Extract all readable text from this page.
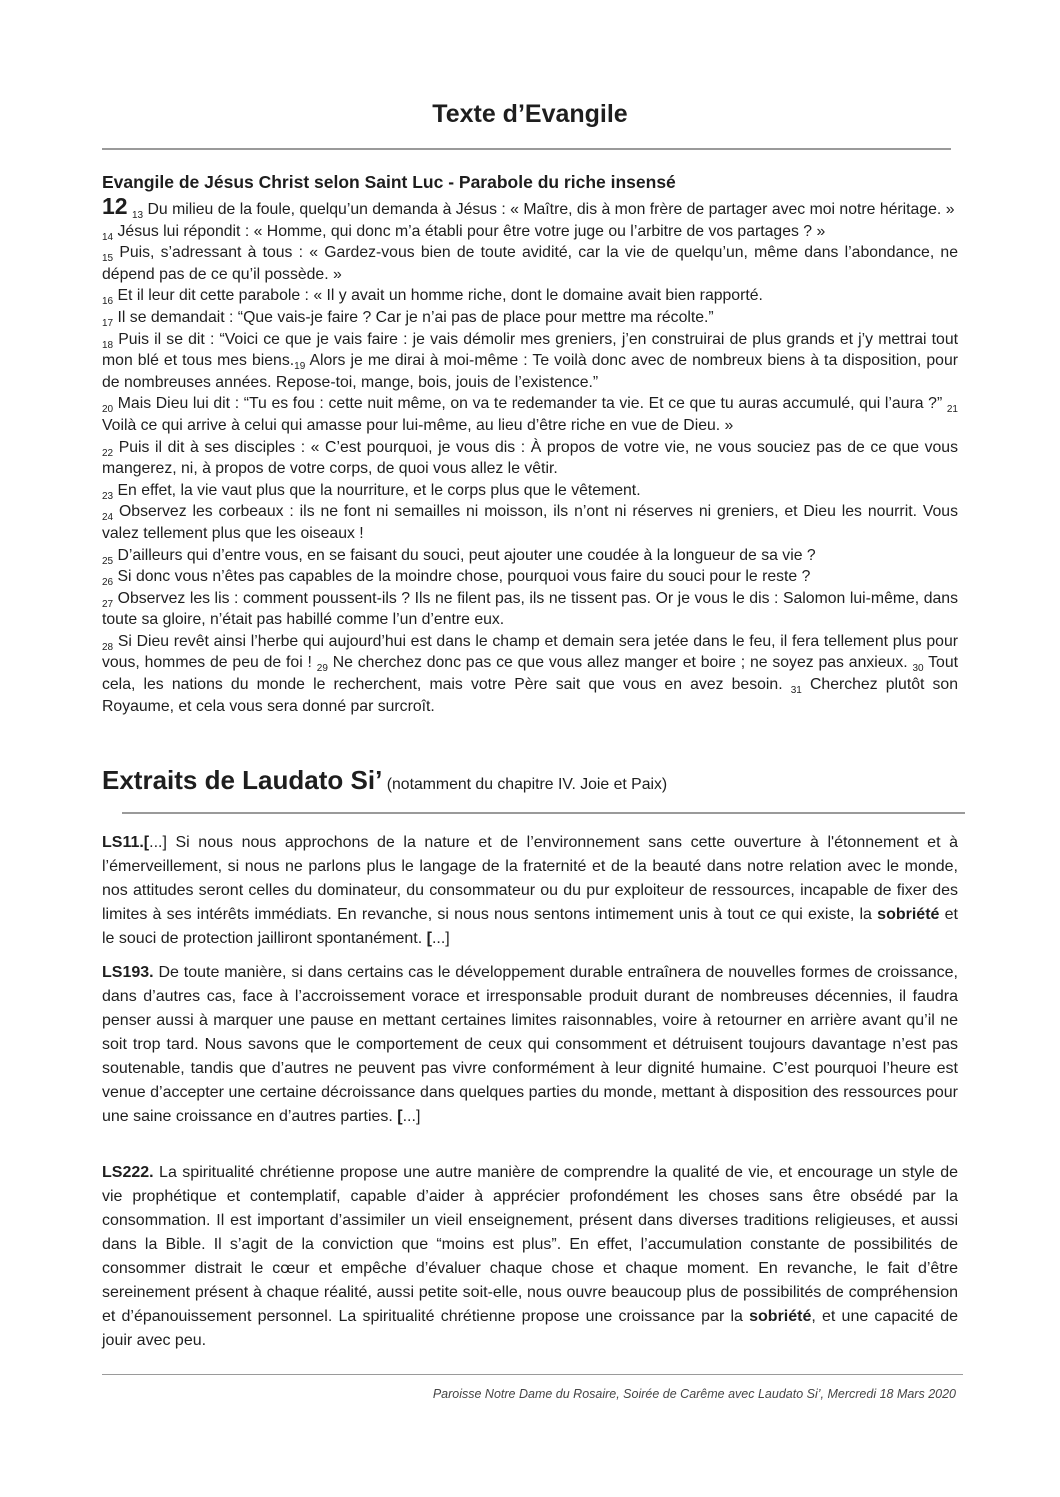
Texte d’Evangile
Evangile de Jésus Christ selon Saint Luc - Parabole du riche insensé

12 $_{13}$ Du milieu de la foule, quelqu’un demanda à Jésus : « Maître, dis à mon frère de partager avec moi notre héritage. »

$_{14}$ Jésus lui répondit : « Homme, qui donc m’a établi pour être votre juge ou l’arbitre de vos partages ? »

$_{15}$ Puis, s’adressant à tous : « Gardez-vous bien de toute avidité, car la vie de quelqu’un, même dans l’abondance, ne dépend pas de ce qu’il possède. »

$_{16}$ Et il leur dit cette parabole : « Il y avait un homme riche, dont le domaine avait bien rapporté.

$_{17}$ Il se demandait : “Que vais-je faire ? Car je n’ai pas de place pour mettre ma récolte.”

$_{18}$ Puis il se dit : “Voici ce que je vais faire : je vais démolir mes greniers, j’en construirai de plus grands et j’y mettrai tout mon blé et tous mes $biens._{19}$ Alors je me dirai à moi-même : Te voilà donc avec de nombreux biens à ta disposition, pour de nombreuses années. Repose-toi, mange, bois, jouis de l’existence.”

$_{20}$ Mais Dieu lui dit : “Tu es fou : cette nuit même, on va te redemander ta vie. Et ce que tu auras accumulé, qui l’aura ?” $_{21}$ Voilà ce qui arrive à celui qui amasse pour lui-même, au lieu d’être riche en vue de Dieu. »

$_{22}$ Puis il dit à ses disciples : « C’est pourquoi, je vous dis : À propos de votre vie, ne vous souciez pas de ce que vous mangerez, ni, à propos de votre corps, de quoi vous allez le vêtir.

$_{23}$ En effet, la vie vaut plus que la nourriture, et le corps plus que le vêtement.

$_{24}$ Observez les corbeaux : ils ne font ni semailles ni moisson, ils n’ont ni réserves ni greniers, et Dieu les nourrit. Vous valez tellement plus que les oiseaux !

$_{25}$ D’ailleurs qui d’entre vous, en se faisant du souci, peut ajouter une coudée à la longueur de sa vie ?

$_{26}$ Si donc vous n’êtes pas capables de la moindre chose, pourquoi vous faire du souci pour le reste ?

$_{27}$ Observez les lis : comment poussent-ils ? Ils ne filent pas, ils ne tissent pas. Or je vous le dis : Salomon lui-même, dans toute sa gloire, n’était pas habillé comme l’un d’entre eux.

$_{28}$ Si Dieu revêt ainsi l’herbe qui aujourd’hui est dans le champ et demain sera jetée dans le feu, il fera tellement plus pour vous, hommes de peu de foi ! $_{29}$ Ne cherchez donc pas ce que vous allez manger et boire ; ne soyez pas anxieux. $_{30}$ Tout cela, les nations du monde le recherchent, mais votre Père sait que vous en avez besoin. $_{31}$ Cherchez plutôt son Royaume, et cela vous sera donné par surcroît.

Extraits de Laudato Si’ (notamment du chapitre IV. Joie et Paix)

LS11.[...] Si nous nous approchons de la nature et de l’environnement sans cette ouverture à l'étonnement et à l’émerveillement, si nous ne parlons plus le langage de la fraternité et de la beauté dans notre relation avec le monde, nos attitudes seront celles du dominateur, du consommateur ou du pur exploiteur de ressources, incapable de fixer des limites à ses intérêts immédiats. En revanche, si nous nous sentons intimement unis à tout ce qui existe, la sobriété et le souci de protection jailliront spontanément. [...]

LS193. De toute manière, si dans certains cas le développement durable entraînera de nouvelles formes de croissance, dans d’autres cas, face à l’accroissement vorace et irresponsable produit durant de nombreuses décennies, il faudra penser aussi à marquer une pause en mettant certaines limites raisonnables, voire à retourner en arrière avant qu’il ne soit trop tard. Nous savons que le comportement de ceux qui consomment et détruisent toujours davantage n’est pas soutenable, tandis que d’autres ne peuvent pas vivre conformément à leur dignité humaine. C’est pourquoi l’heure est venue d’accepter une certaine décroissance dans quelques parties du monde, mettant à disposition des ressources pour une saine croissance en d’autres parties. [...]

LS222. La spiritualité chrétienne propose une autre manière de comprendre la qualité de vie, et encourage un style de vie prophétique et contemplatif, capable d’aider à apprécier profondément les choses sans être obsédé par la consommation. Il est important d’assimiler un vieil enseignement, présent dans diverses traditions religieuses, et aussi dans la Bible. Il s’agit de la conviction que “moins est plus”. En effet, l’accumulation constante de possibilités de consommer distrait le cœur et empêche d’évaluer chaque chose et chaque moment. En revanche, le fait d’être sereinement présent à chaque réalité, aussi petite soit-elle, nous ouvre beaucoup plus de possibilités de compréhension et d’épanouissement personnel. La spiritualité chrétienne propose une croissance par la sobriété, et une capacité de jouir avec peu.

Paroisse Notre Dame du Rosaire, Soirée de Carême avec Laudato Si’, Mercredi 18 Mars 2020
